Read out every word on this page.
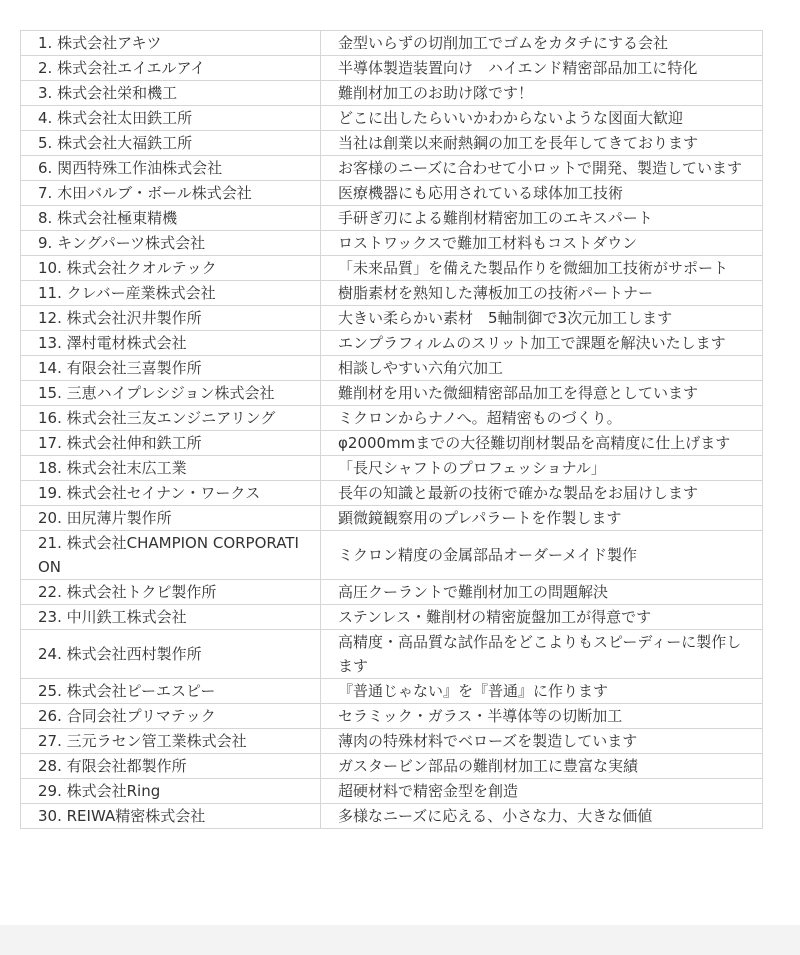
1. 株式会社アキツ	金型いらずの切削加工でゴムをカタチにする会社
2. 株式会社エイエルアイ	半導体製造装置向け　ハイエンド精密部品加工に特化
3. 株式会社栄和機工	難削材加工のお助け隊です！
4. 株式会社太田鉄工所	どこに出したらいいかわからないような図面大歓迎
5. 株式会社大福鉄工所	当社は創業以来耐熱鋼の加工を長年してきております
6. 関西特殊工作油株式会社	お客様のニーズに合わせて小ロットで開発、製造しています
7. 木田バルブ・ボール株式会社	医療機器にも応用されている球体加工技術
8. 株式会社極東精機	手研ぎ刃による難削材精密加工のエキスパート
9. キングパーツ株式会社	ロストワックスで難加工材料もコストダウン
10. 株式会社クオルテック	「未来品質」を備えた製品作りを微細加工技術がサポート
11. クレバー産業株式会社	樹脂素材を熟知した薄板加工の技術パートナー
12. 株式会社沢井製作所	大きい柔らかい素材　5軸制御で3次元加工します
13. 澤村電材株式会社	エンプラフィルムのスリット加工で課題を解決いたします
14. 有限会社三喜製作所	相談しやすい六角穴加工
15. 三恵ハイプレシジョン株式会社	難削材を用いた微細精密部品加工を得意としています
16. 株式会社三友エンジニアリング	ミクロンからナノへ。超精密ものづくり。
17. 株式会社伸和鉄工所	φ2000mmまでの大径難切削材製品を高精度に仕上げます
18. 株式会社末広工業	「長尺シャフトのプロフェッショナル」
19. 株式会社セイナン・ワークス	長年の知識と最新の技術で確かな製品をお届けします
20. 田尻薄片製作所	顕微鏡観察用のプレパラートを作製します
21. 株式会社CHAMPION CORPORATION	ミクロン精度の金属部品オーダーメイド製作
22. 株式会社トクピ製作所	高圧クーラントで難削材加工の問題解決
23. 中川鉄工株式会社	ステンレス・難削材の精密旋盤加工が得意です
24. 株式会社西村製作所	高精度・高品質な試作品をどこよりもスピーディーに製作します
25. 株式会社ピーエスピー	『普通じゃない』を『普通』に作ります
26. 合同会社プリマテック	セラミック・ガラス・半導体等の切断加工
27. 三元ラセン管工業株式会社	薄肉の特殊材料でベローズを製造しています
28. 有限会社都製作所	ガスタービン部品の難削材加工に豊富な実績
29. 株式会社Ring	超硬材料で精密金型を創造
30. REIWA精密株式会社	多様なニーズに応える、小さな力、大きな価値
